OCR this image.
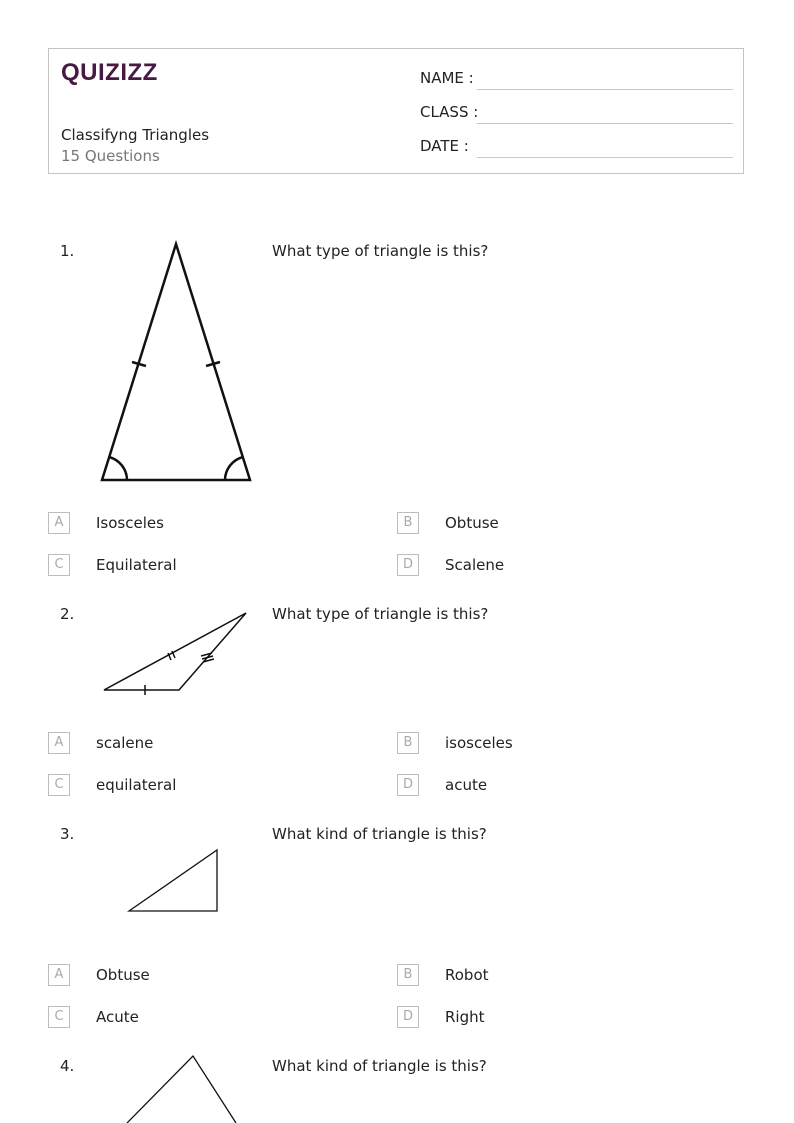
QUIZIZZ
Classifyng Triangles
15 Questions
NAME :
CLASS :
DATE :
1.	What type of triangle is this?
A	Isosceles	B	Obtuse
C	Equilateral	D	Scalene
2.	What type of triangle is this?
A	scalene	B	isosceles
C	equilateral	D	acute
3.	What kind of triangle is this?
A	Obtuse	B	Robot
C	Acute	D	Right
4.	What kind of triangle is this?
